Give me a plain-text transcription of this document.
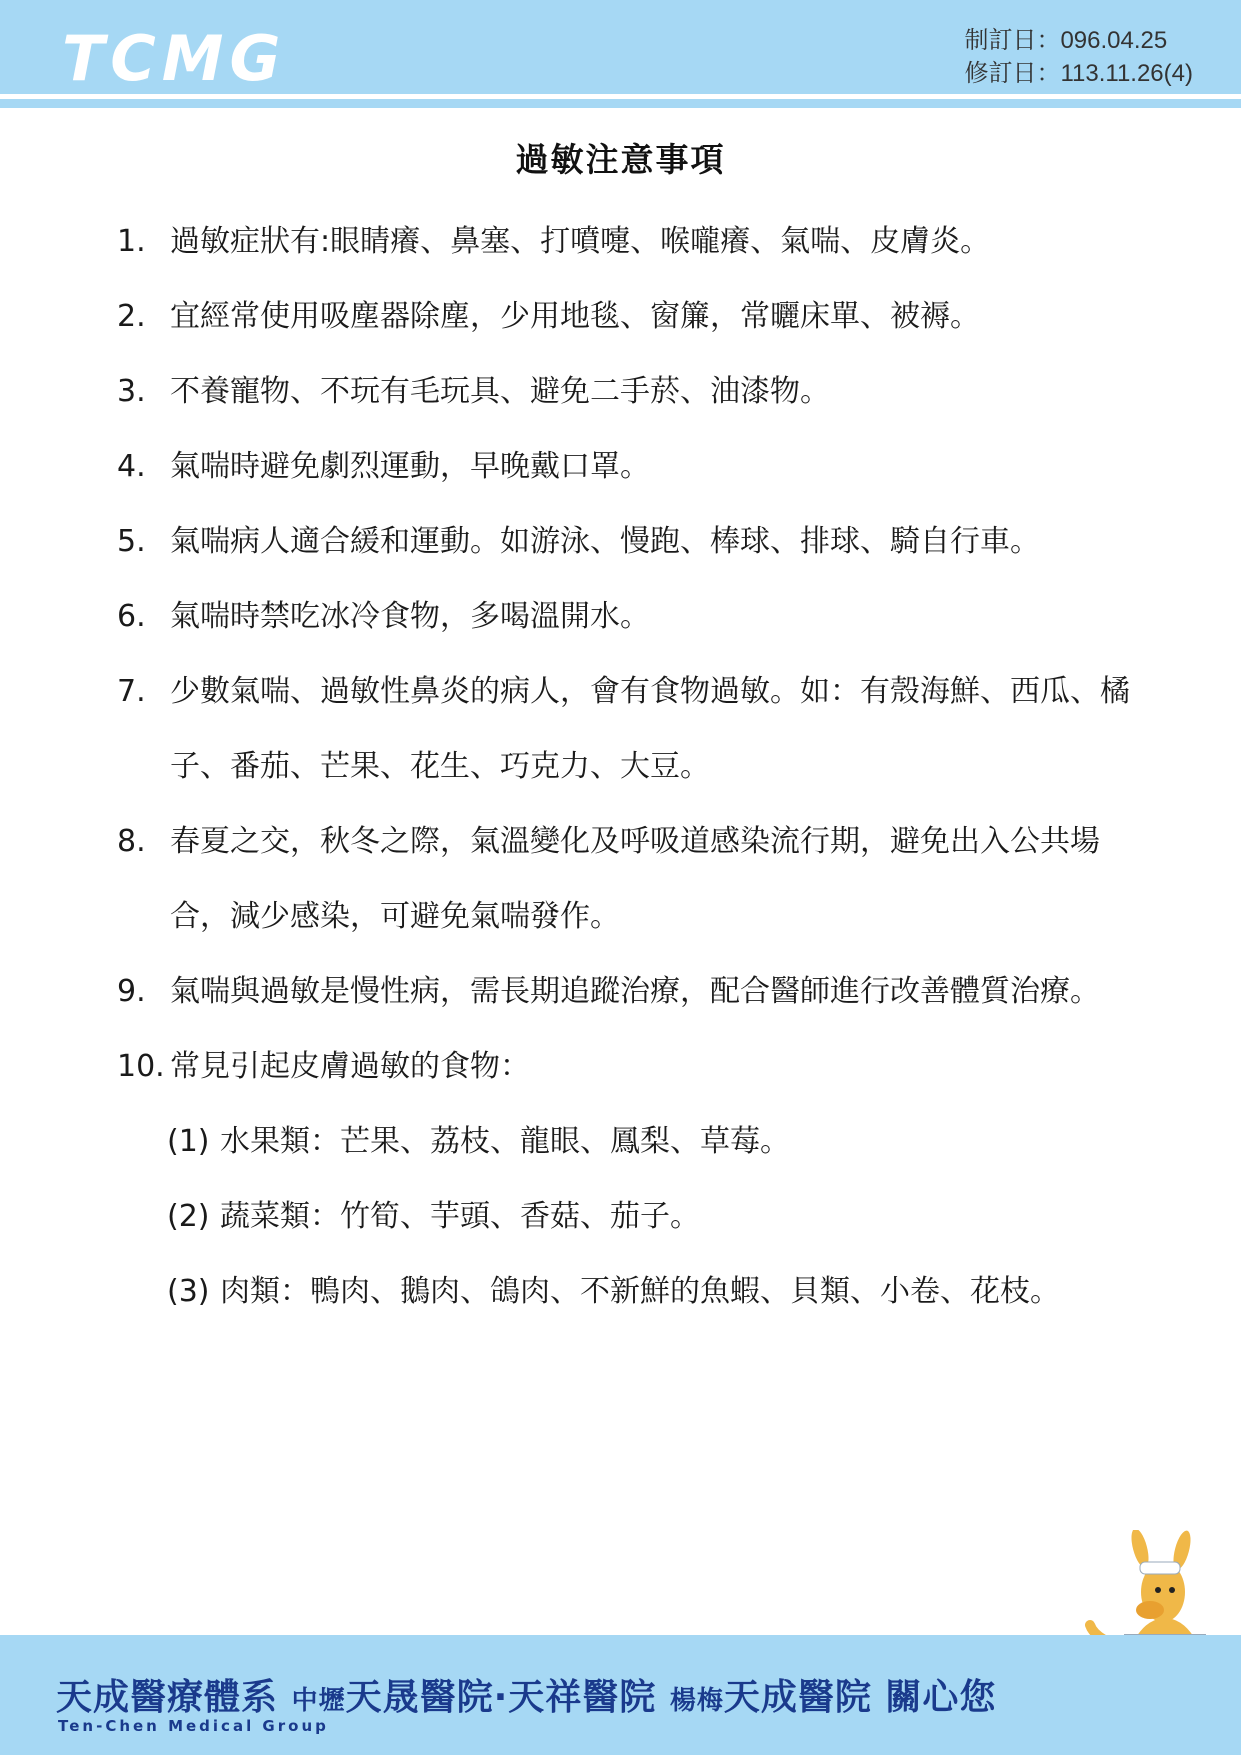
TCMG	制訂日：096.04.25
修訂日：113.11.26(4)
過敏注意事項
1. 過敏症狀有:眼睛癢、鼻塞、打噴嚏、喉嚨癢、氣喘、皮膚炎。
2. 宜經常使用吸塵器除塵，少用地毯、窗簾，常曬床單、被褥。
3. 不養寵物、不玩有毛玩具、避免二手菸、油漆物。
4. 氣喘時避免劇烈運動，早晚戴口罩。
5. 氣喘病人適合緩和運動。如游泳、慢跑、棒球、排球、騎自行車。
6. 氣喘時禁吃冰冷食物，多喝溫開水。
7. 少數氣喘、過敏性鼻炎的病人，會有食物過敏。如：有殼海鮮、西瓜、橘子、番茄、芒果、花生、巧克力、大豆。
8. 春夏之交，秋冬之際，氣溫變化及呼吸道感染流行期，避免出入公共場合，減少感染，可避免氣喘發作。
9. 氣喘與過敏是慢性病，需長期追蹤治療，配合醫師進行改善體質治療。
10. 常見引起皮膚過敏的食物：
(1) 水果類：芒果、荔枝、龍眼、鳳梨、草莓。
(2) 蔬菜類：竹筍、芋頭、香菇、茄子。
(3) 肉類：鴨肉、鵝肉、鴿肉、不新鮮的魚蝦、貝類、小卷、花枝。
天成醫療體系 中壢天晟醫院·天祥醫院 楊梅天成醫院 關心您
Ten-Chen Medical Group
